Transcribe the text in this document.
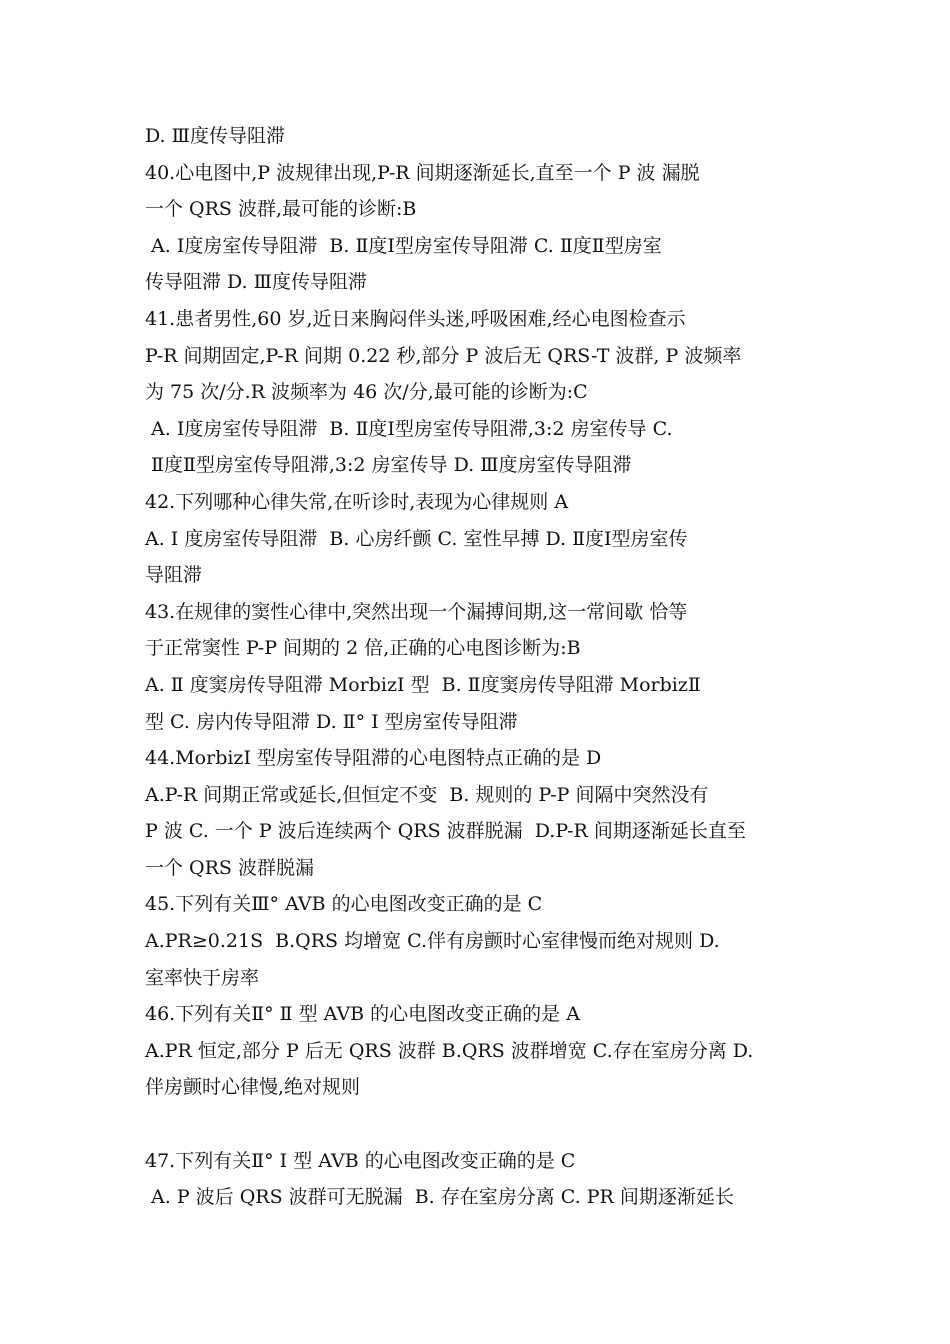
D. Ⅲ度传导阻滞
40.心电图中,P 波规律出现,P-R 间期逐渐延长,直至一个 P 波 漏脱
一个 QRS 波群,最可能的诊断:B
A. Ⅰ度房室传导阻滞  B. Ⅱ度Ⅰ型房室传导阻滞 C. Ⅱ度Ⅱ型房室
传导阻滞 D. Ⅲ度传导阻滞
41.患者男性,60 岁,近日来胸闷伴头迷,呼吸困难,经心电图检查示
P-R 间期固定,P-R 间期 0.22 秒,部分 P 波后无 QRS-T 波群, P 波频率
为 75 次/分.R 波频率为 46 次/分,最可能的诊断为:C
A. Ⅰ度房室传导阻滞  B. Ⅱ度Ⅰ型房室传导阻滞,3:2 房室传导 C.
Ⅱ度Ⅱ型房室传导阻滞,3:2 房室传导 D. Ⅲ度房室传导阻滞
42.下列哪种心律失常,在听诊时,表现为心律规则 A
A. Ⅰ 度房室传导阻滞  B. 心房纤颤 C. 室性早搏 D. Ⅱ度Ⅰ型房室传
导阻滞
43.在规律的窦性心律中,突然出现一个漏搏间期,这一常间歇 恰等
于正常窦性 P-P 间期的 2 倍,正确的心电图诊断为:B
A. Ⅱ 度窦房传导阻滞 MorbizⅠ 型  B. Ⅱ度窦房传导阻滞 MorbizⅡ
型 C. 房内传导阻滞 D. Ⅱ° Ⅰ 型房室传导阻滞
44.MorbizⅠ 型房室传导阻滞的心电图特点正确的是 D
A.P-R 间期正常或延长,但恒定不变  B. 规则的 P-P 间隔中突然没有
P 波 C. 一个 P 波后连续两个 QRS 波群脱漏  D.P-R 间期逐渐延长直至
一个 QRS 波群脱漏
45.下列有关Ⅲ° AVB 的心电图改变正确的是 C
A.PR≥0.21S  B.QRS 均增宽 C.伴有房颤时心室律慢而绝对规则 D.
室率快于房率
46.下列有关Ⅱ° Ⅱ 型 AVB 的心电图改变正确的是 A
A.PR 恒定,部分 P 后无 QRS 波群 B.QRS 波群增宽 C.存在室房分离 D.
伴房颤时心律慢,绝对规则
47.下列有关Ⅱ° Ⅰ 型 AVB 的心电图改变正确的是 C
A. P 波后 QRS 波群可无脱漏  B. 存在室房分离 C. PR 间期逐渐延长
